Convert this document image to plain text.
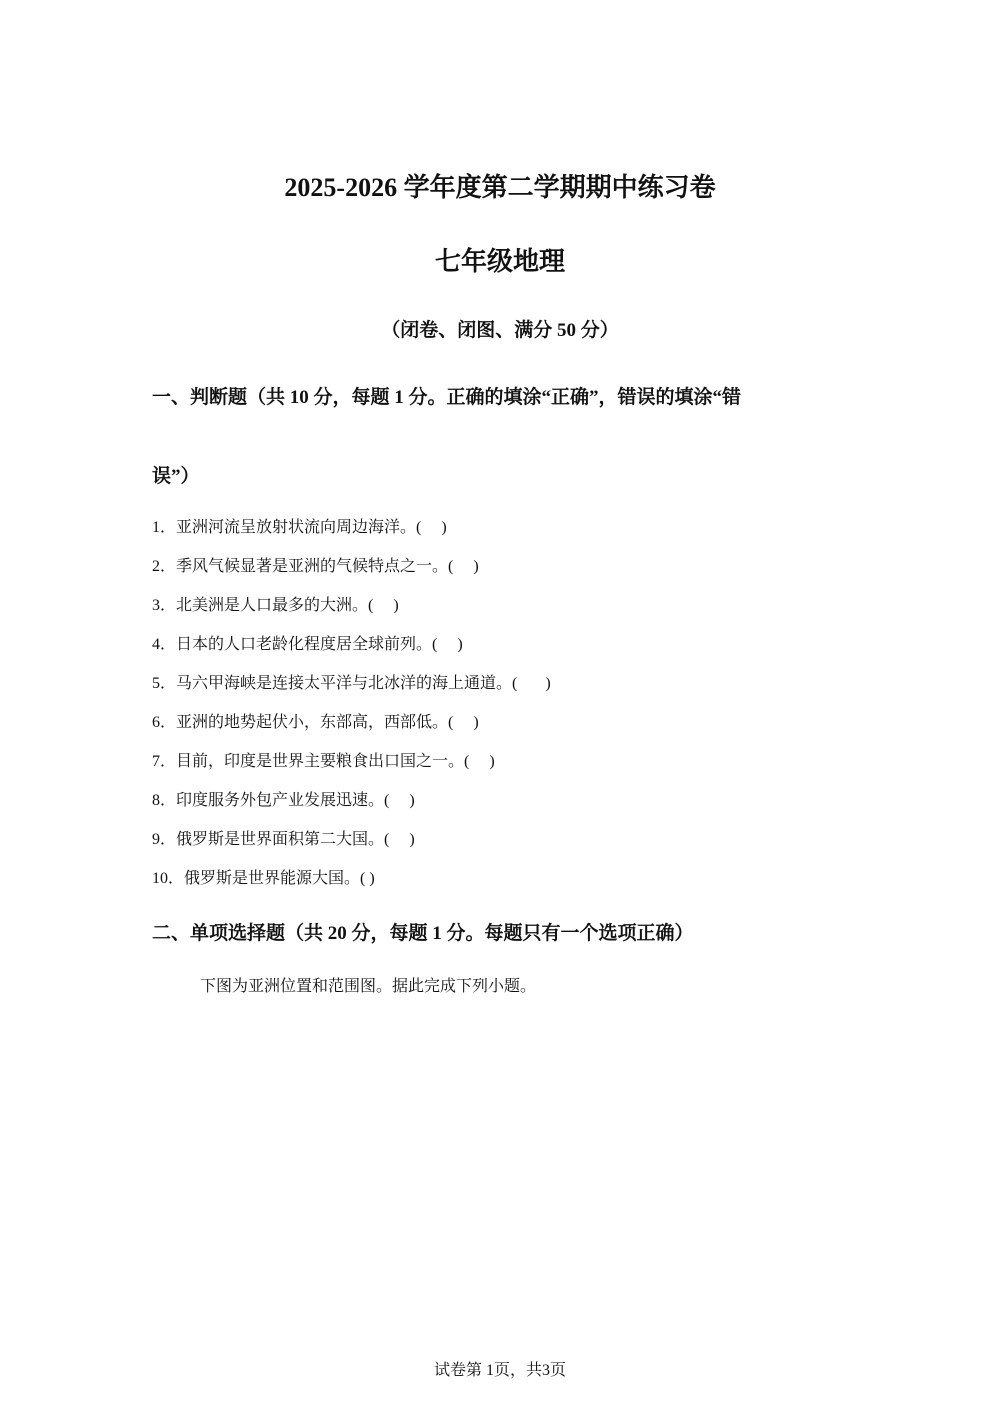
2025-2026 学年度第二学期期中练习卷
七年级地理
（闭卷、闭图、满分 50 分）
一、判断题（共 10 分，每题 1 分。正确的填涂“正确”，错误的填涂“错
误”）
1．亚洲河流呈放射状流向周边海洋。(     )
2．季风气候显著是亚洲的气候特点之一。(     )
3．北美洲是人口最多的大洲。(     )
4．日本的人口老龄化程度居全球前列。(     )
5．马六甲海峡是连接太平洋与北冰洋的海上通道。(       )
6．亚洲的地势起伏小，东部高，西部低。(     )
7．目前，印度是世界主要粮食出口国之一。(     )
8．印度服务外包产业发展迅速。(     )
9．俄罗斯是世界面积第二大国。(     )
10．俄罗斯是世界能源大国。( )
二、单项选择题（共 20 分，每题 1 分。每题只有一个选项正确）
下图为亚洲位置和范围图。据此完成下列小题。
试卷第 1页，共3页
